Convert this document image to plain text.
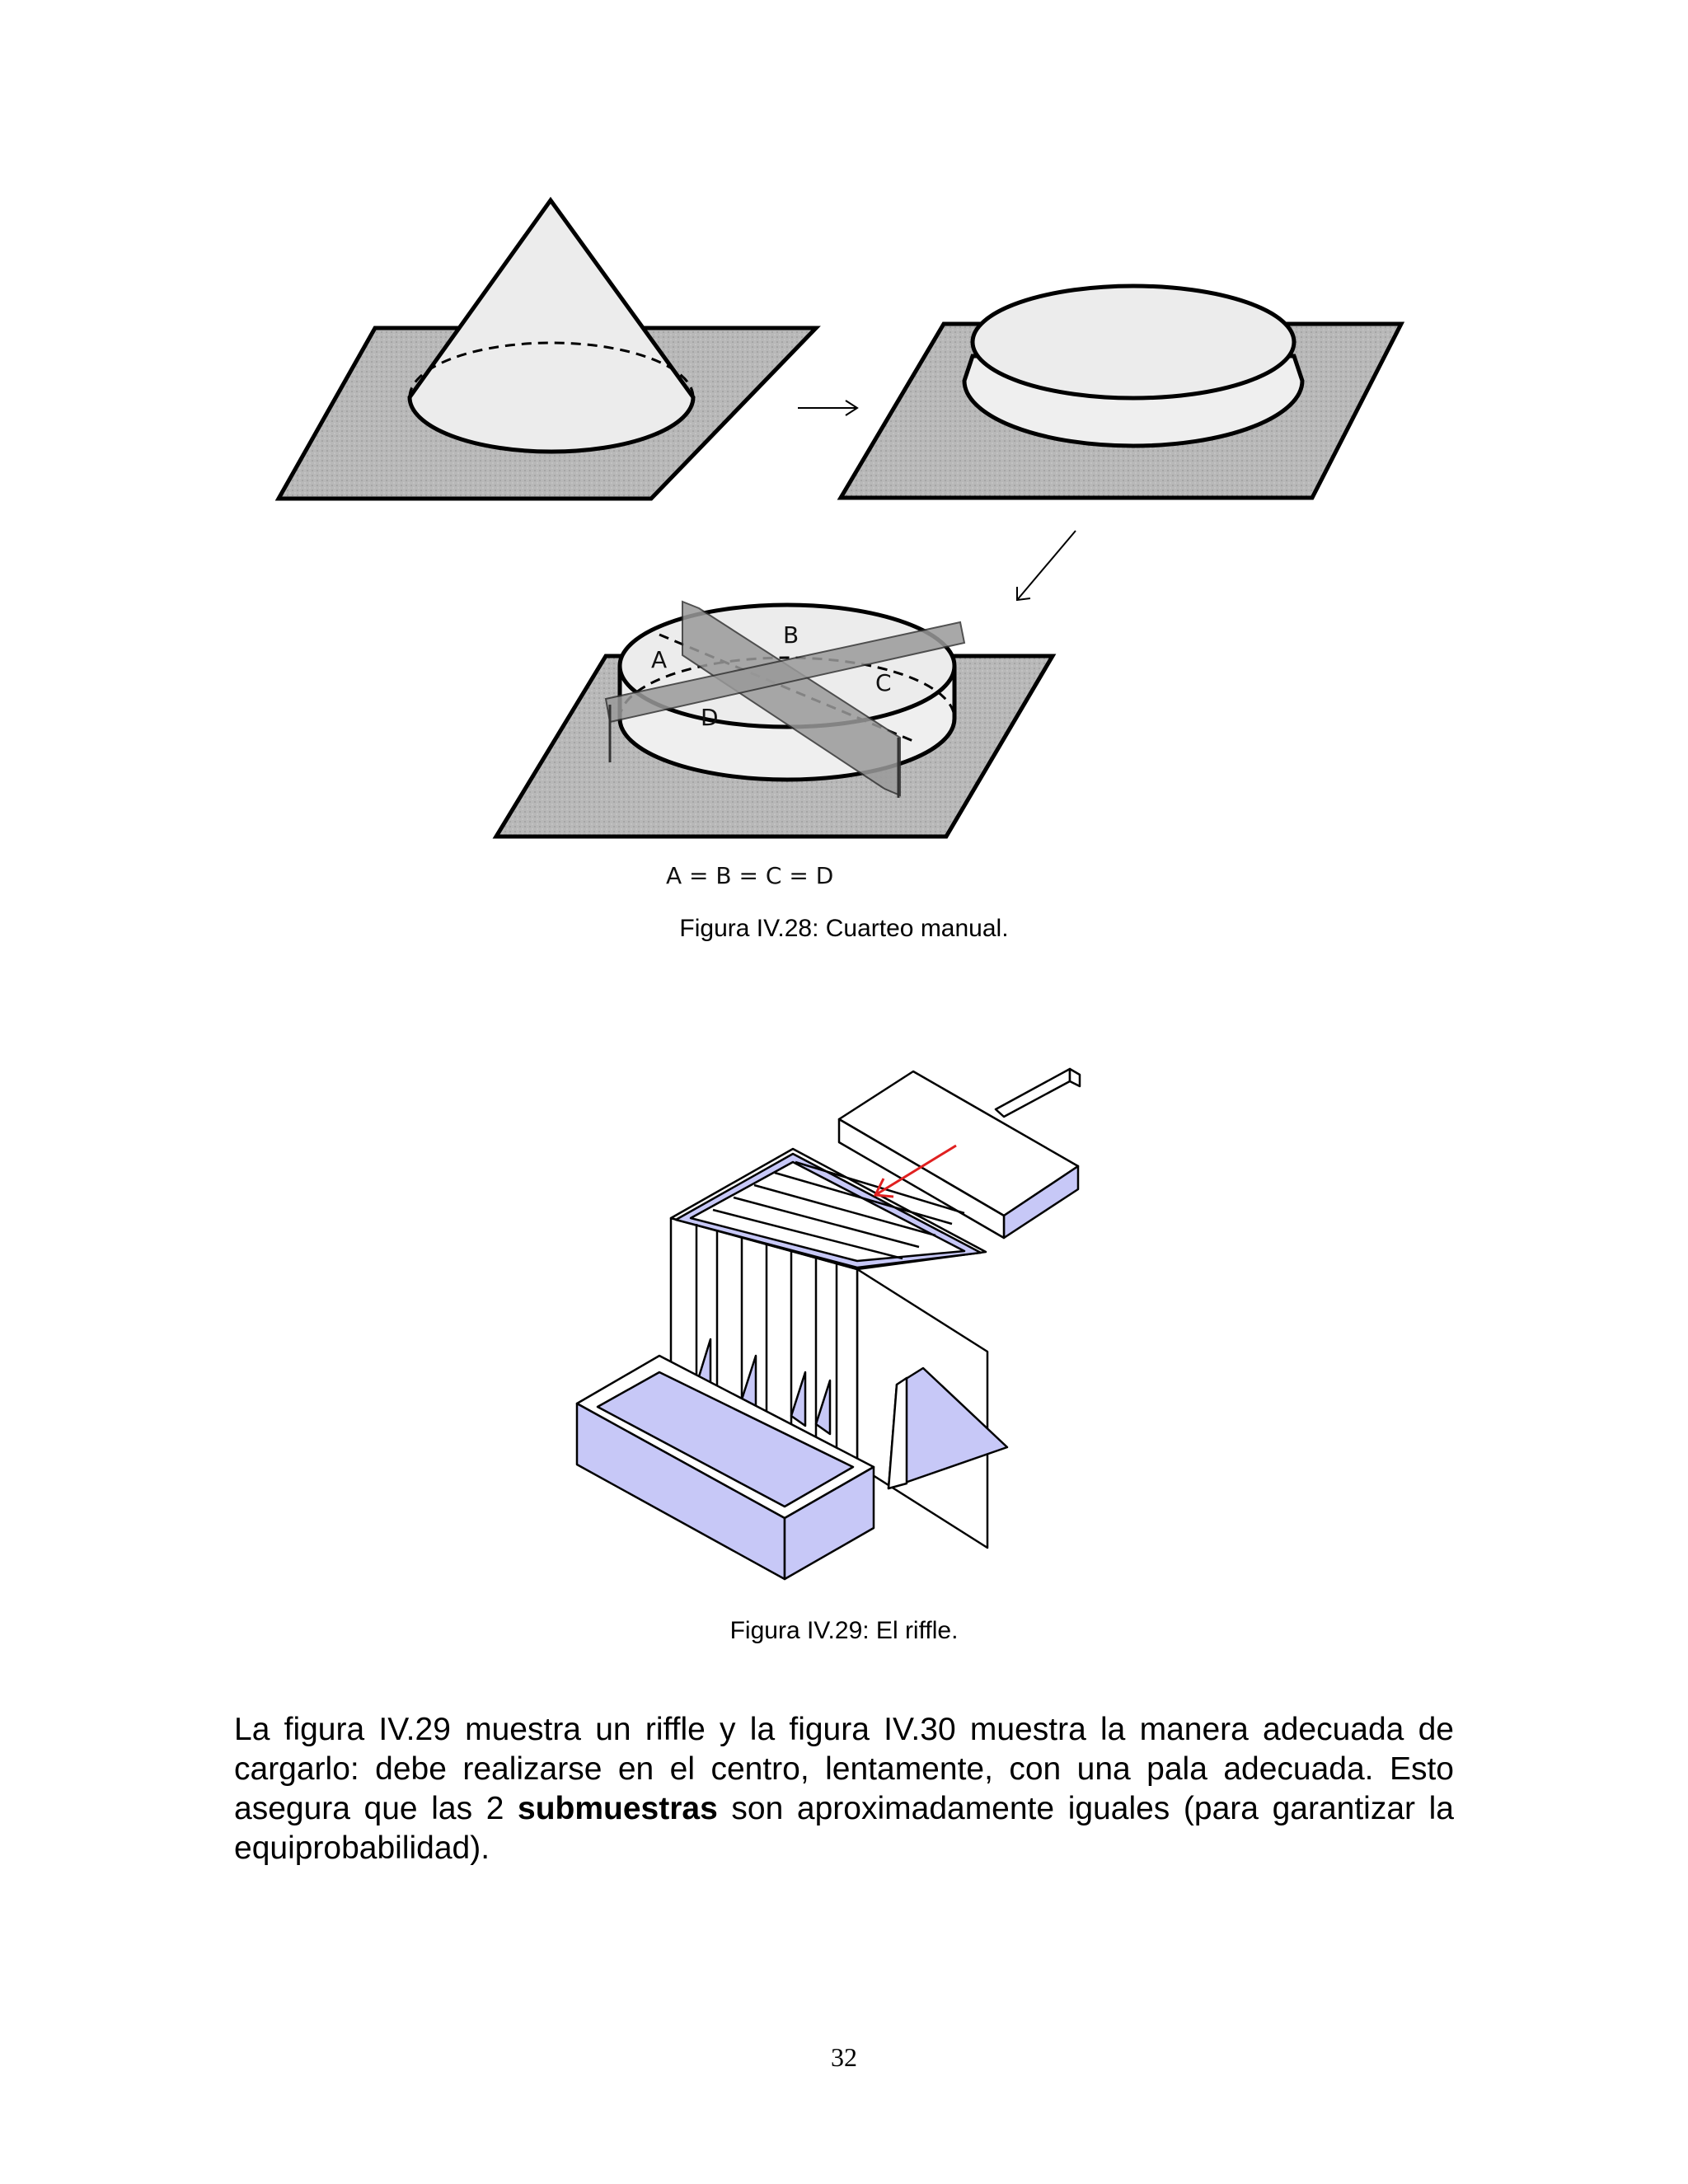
A
B
C
D
A = B = C = D
Figura IV.28: Cuarteo manual.
Figura IV.29: El riffle.

La figura IV.29 muestra un riffle y la figura IV.30 muestra la manera adecuada de cargarlo: debe realizarse en el centro, lentamente, con una pala adecuada. Esto asegura que las 2 submuestras son aproximadamente iguales (para garantizar la equiprobabilidad).

32
